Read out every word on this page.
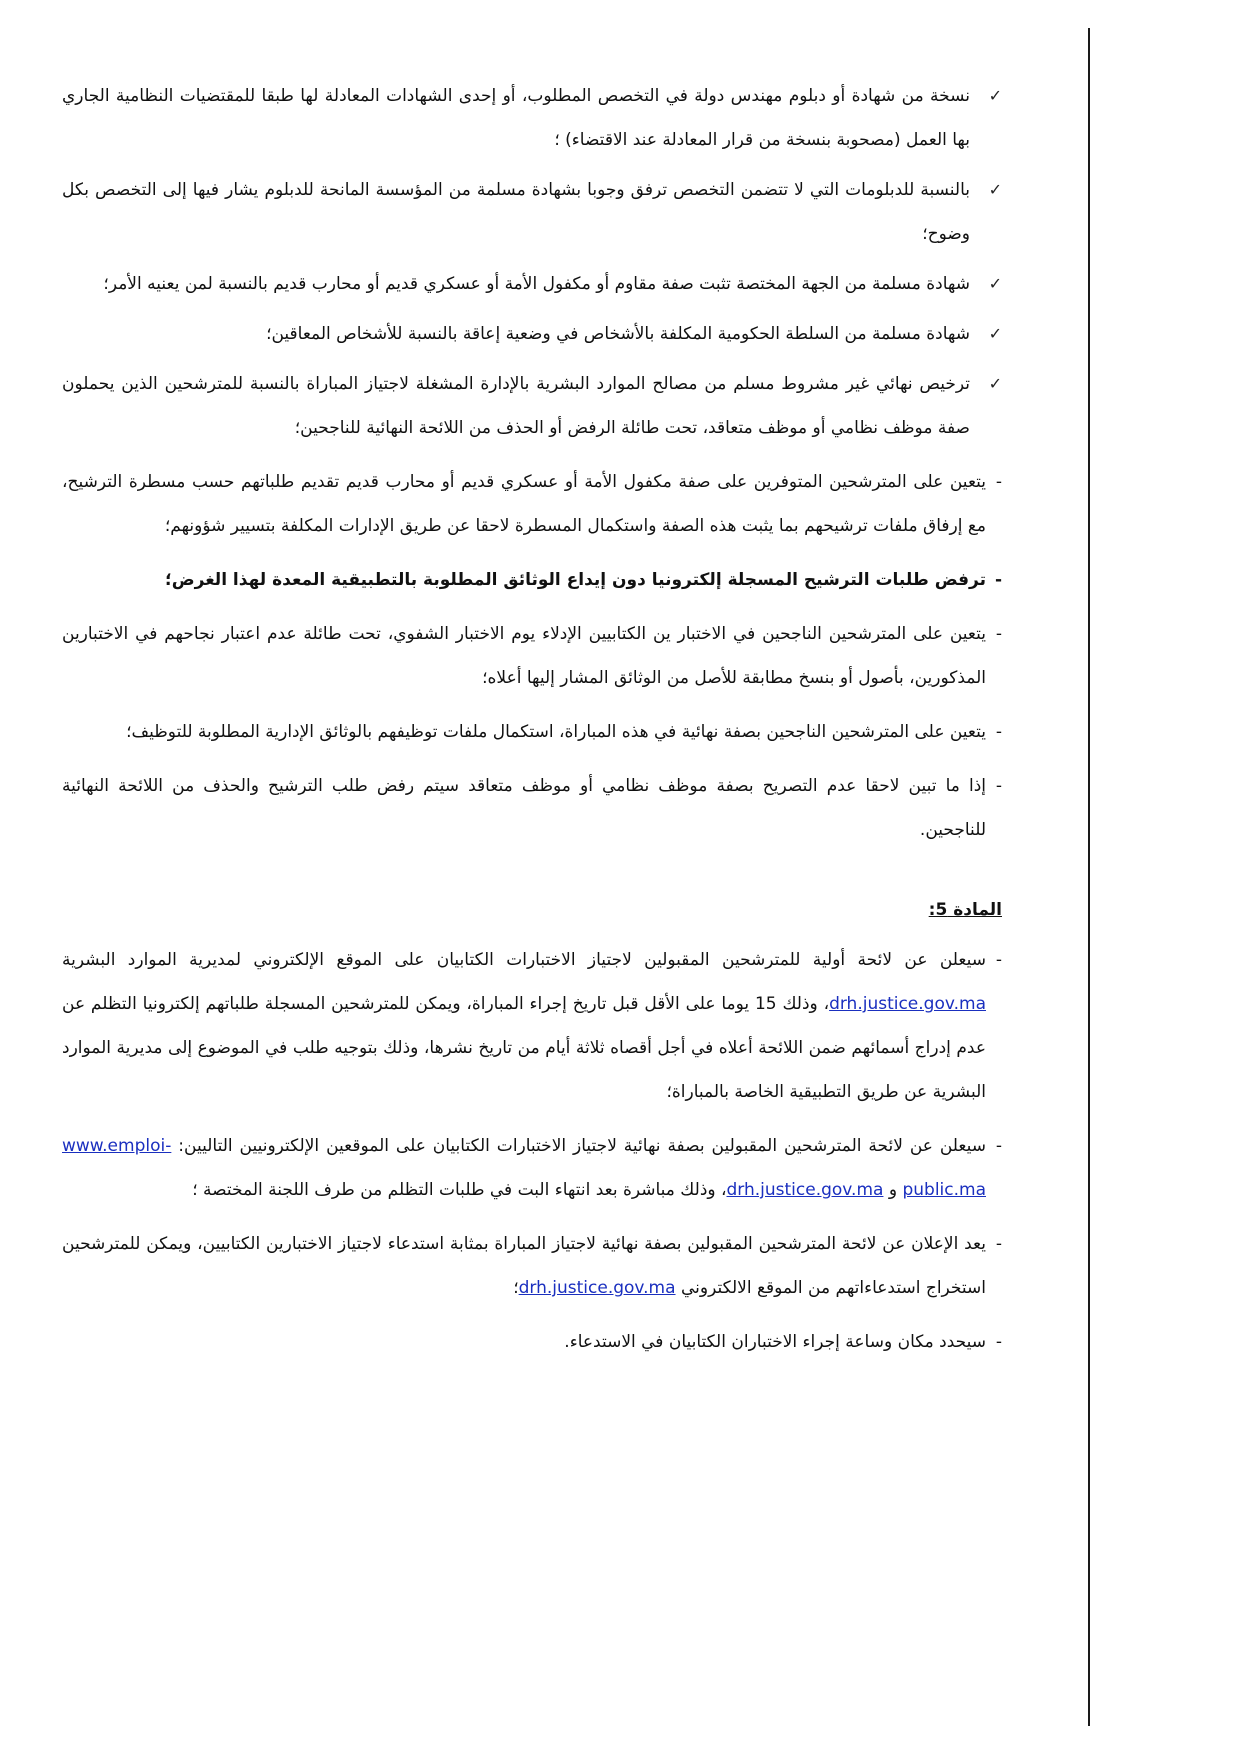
✓ نسخة من شهادة أو دبلوم مهندس دولة في التخصص المطلوب، أو إحدى الشهادات المعادلة لها طبقا للمقتضيات النظامية الجاري بها العمل (مصحوبة بنسخة من قرار المعادلة عند الاقتضاء) ؛
✓ بالنسبة للدبلومات التي لا تتضمن التخصص ترفق وجوبا بشهادة مسلمة من المؤسسة المانحة للدبلوم يشار فيها إلى التخصص بكل وضوح؛
✓ شهادة مسلمة من الجهة المختصة تثبت صفة مقاوم أو مكفول الأمة أو عسكري قديم أو محارب قديم بالنسبة لمن يعنيه الأمر؛
✓ شهادة مسلمة من السلطة الحكومية المكلفة بالأشخاص في وضعية إعاقة بالنسبة للأشخاص المعاقين؛
✓ ترخيص نهائي غير مشروط مسلم من مصالح الموارد البشرية بالإدارة المشغلة لاجتياز المباراة بالنسبة للمترشحين الذين يحملون صفة موظف نظامي أو موظف متعاقد، تحت طائلة الرفض أو الحذف من اللائحة النهائية للناجحين؛
- يتعين على المترشحين المتوفرين على صفة مكفول الأمة أو عسكري قديم أو محارب قديم تقديم طلباتهم حسب مسطرة الترشيح، مع إرفاق ملفات ترشيحهم بما يثبت هذه الصفة واستكمال المسطرة لاحقا عن طريق الإدارات المكلفة بتسيير شؤونهم؛
- ترفض طلبات الترشيح المسجلة إلكترونيا دون إيداع الوثائق المطلوبة بالتطبيقية المعدة لهذا الغرض؛
- يتعين على المترشحين الناجحين في الاختبار ين الكتابيين الإدلاء يوم الاختبار الشفوي، تحت طائلة عدم اعتبار نجاحهم في الاختبارين المذكورين، بأصول أو بنسخ مطابقة للأصل من الوثائق المشار إليها أعلاه؛
- يتعين على المترشحين الناجحين بصفة نهائية في هذه المباراة، استكمال ملفات توظيفهم بالوثائق الإدارية المطلوبة للتوظيف؛
- إذا ما تبين لاحقا عدم التصريح بصفة موظف نظامي أو موظف متعاقد سيتم رفض طلب الترشيح والحذف من اللائحة النهائية للناجحين.
المادة 5:
- سيعلن عن لائحة أولية للمترشحين المقبولين لاجتياز الاختبارات الكتابيان على الموقع الإلكتروني لمديرية الموارد البشرية drh.justice.gov.ma، وذلك 15 يوما على الأقل قبل تاريخ إجراء المباراة، ويمكن للمترشحين المسجلة طلباتهم إلكترونيا التظلم عن عدم إدراج أسمائهم ضمن اللائحة أعلاه في أجل أقصاه ثلاثة أيام من تاريخ نشرها، وذلك بتوجيه طلب في الموضوع إلى مديرية الموارد البشرية عن طريق التطبيقية الخاصة بالمباراة؛
- سيعلن عن لائحة المترشحين المقبولين بصفة نهائية لاجتياز الاختبارات الكتابيان على الموقعين الإلكترونيين التاليين: www.emploi-public.ma و drh.justice.gov.ma، وذلك مباشرة بعد انتهاء البت في طلبات التظلم من طرف اللجنة المختصة ؛
- يعد الإعلان عن لائحة المترشحين المقبولين بصفة نهائية لاجتياز المباراة بمثابة استدعاء لاجتياز الاختبارين الكتابيين، ويمكن للمترشحين استخراج استدعاءاتهم من الموقع الالكتروني drh.justice.gov.ma؛
- سيحدد مكان وساعة إجراء الاختباران الكتابيان في الاستدعاء.
